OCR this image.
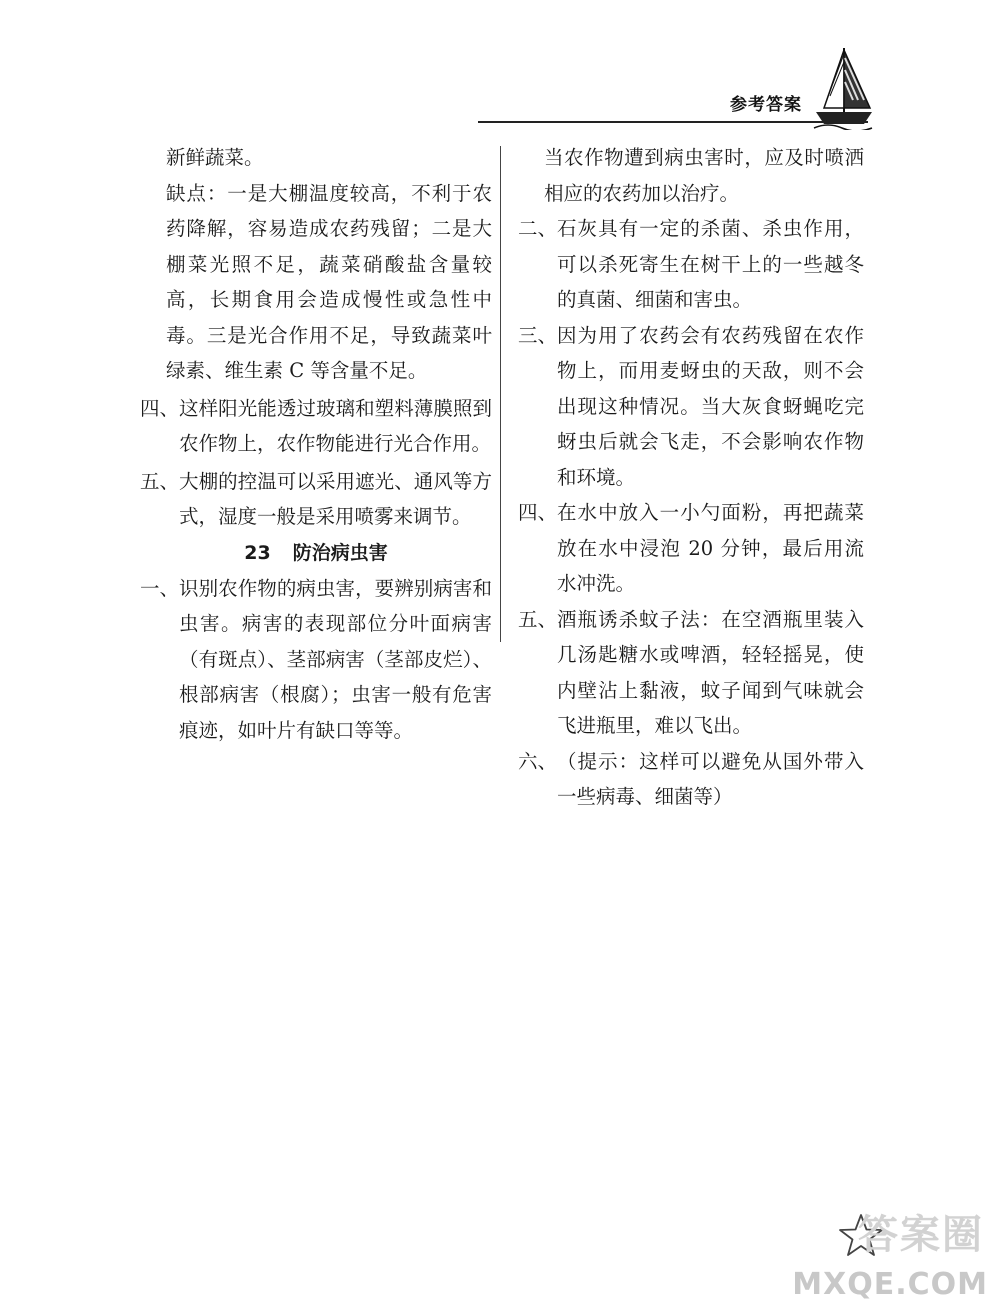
参考答案

新鲜蔬菜。

缺点：一是大棚温度较高，不利于农药降解，容易造成农药残留；二是大棚菜光照不足，蔬菜硝酸盐含量较高，长期食用会造成慢性或急性中毒。三是光合作用不足，导致蔬菜叶绿素、维生素 C 等含量不足。

四、 这样阳光能透过玻璃和塑料薄膜照到农作物上，农作物能进行光合作用。
五、 大棚的控温可以采用遮光、通风等方式，湿度一般是采用喷雾来调节。

23 防治病虫害

一、 识别农作物的病虫害，要辨别病害和虫害。病害的表现部位分叶面病害（有斑点）、茎部病害（茎部皮烂）、根部病害（根腐）；虫害一般有危害痕迹，如叶片有缺口等等。

当农作物遭到病虫害时，应及时喷洒相应的农药加以治疗。

二、 石灰具有一定的杀菌、杀虫作用，可以杀死寄生在树干上的一些越冬的真菌、细菌和害虫。
三、 因为用了农药会有农药残留在农作物上，而用麦蚜虫的天敌，则不会出现这种情况。当大灰食蚜蝇吃完蚜虫后就会飞走，不会影响农作物和环境。
四、 在水中放入一小勺面粉，再把蔬菜放在水中浸泡 20 分钟，最后用流水冲洗。
五、 酒瓶诱杀蚊子法：在空酒瓶里装入几汤匙糖水或啤酒，轻轻摇晃，使内壁沾上黏液，蚊子闻到气味就会飞进瓶里，难以飞出。
六、 （提示：这样可以避免从国外带入一些病毒、细菌等）
答案圈
MXQE.COM
